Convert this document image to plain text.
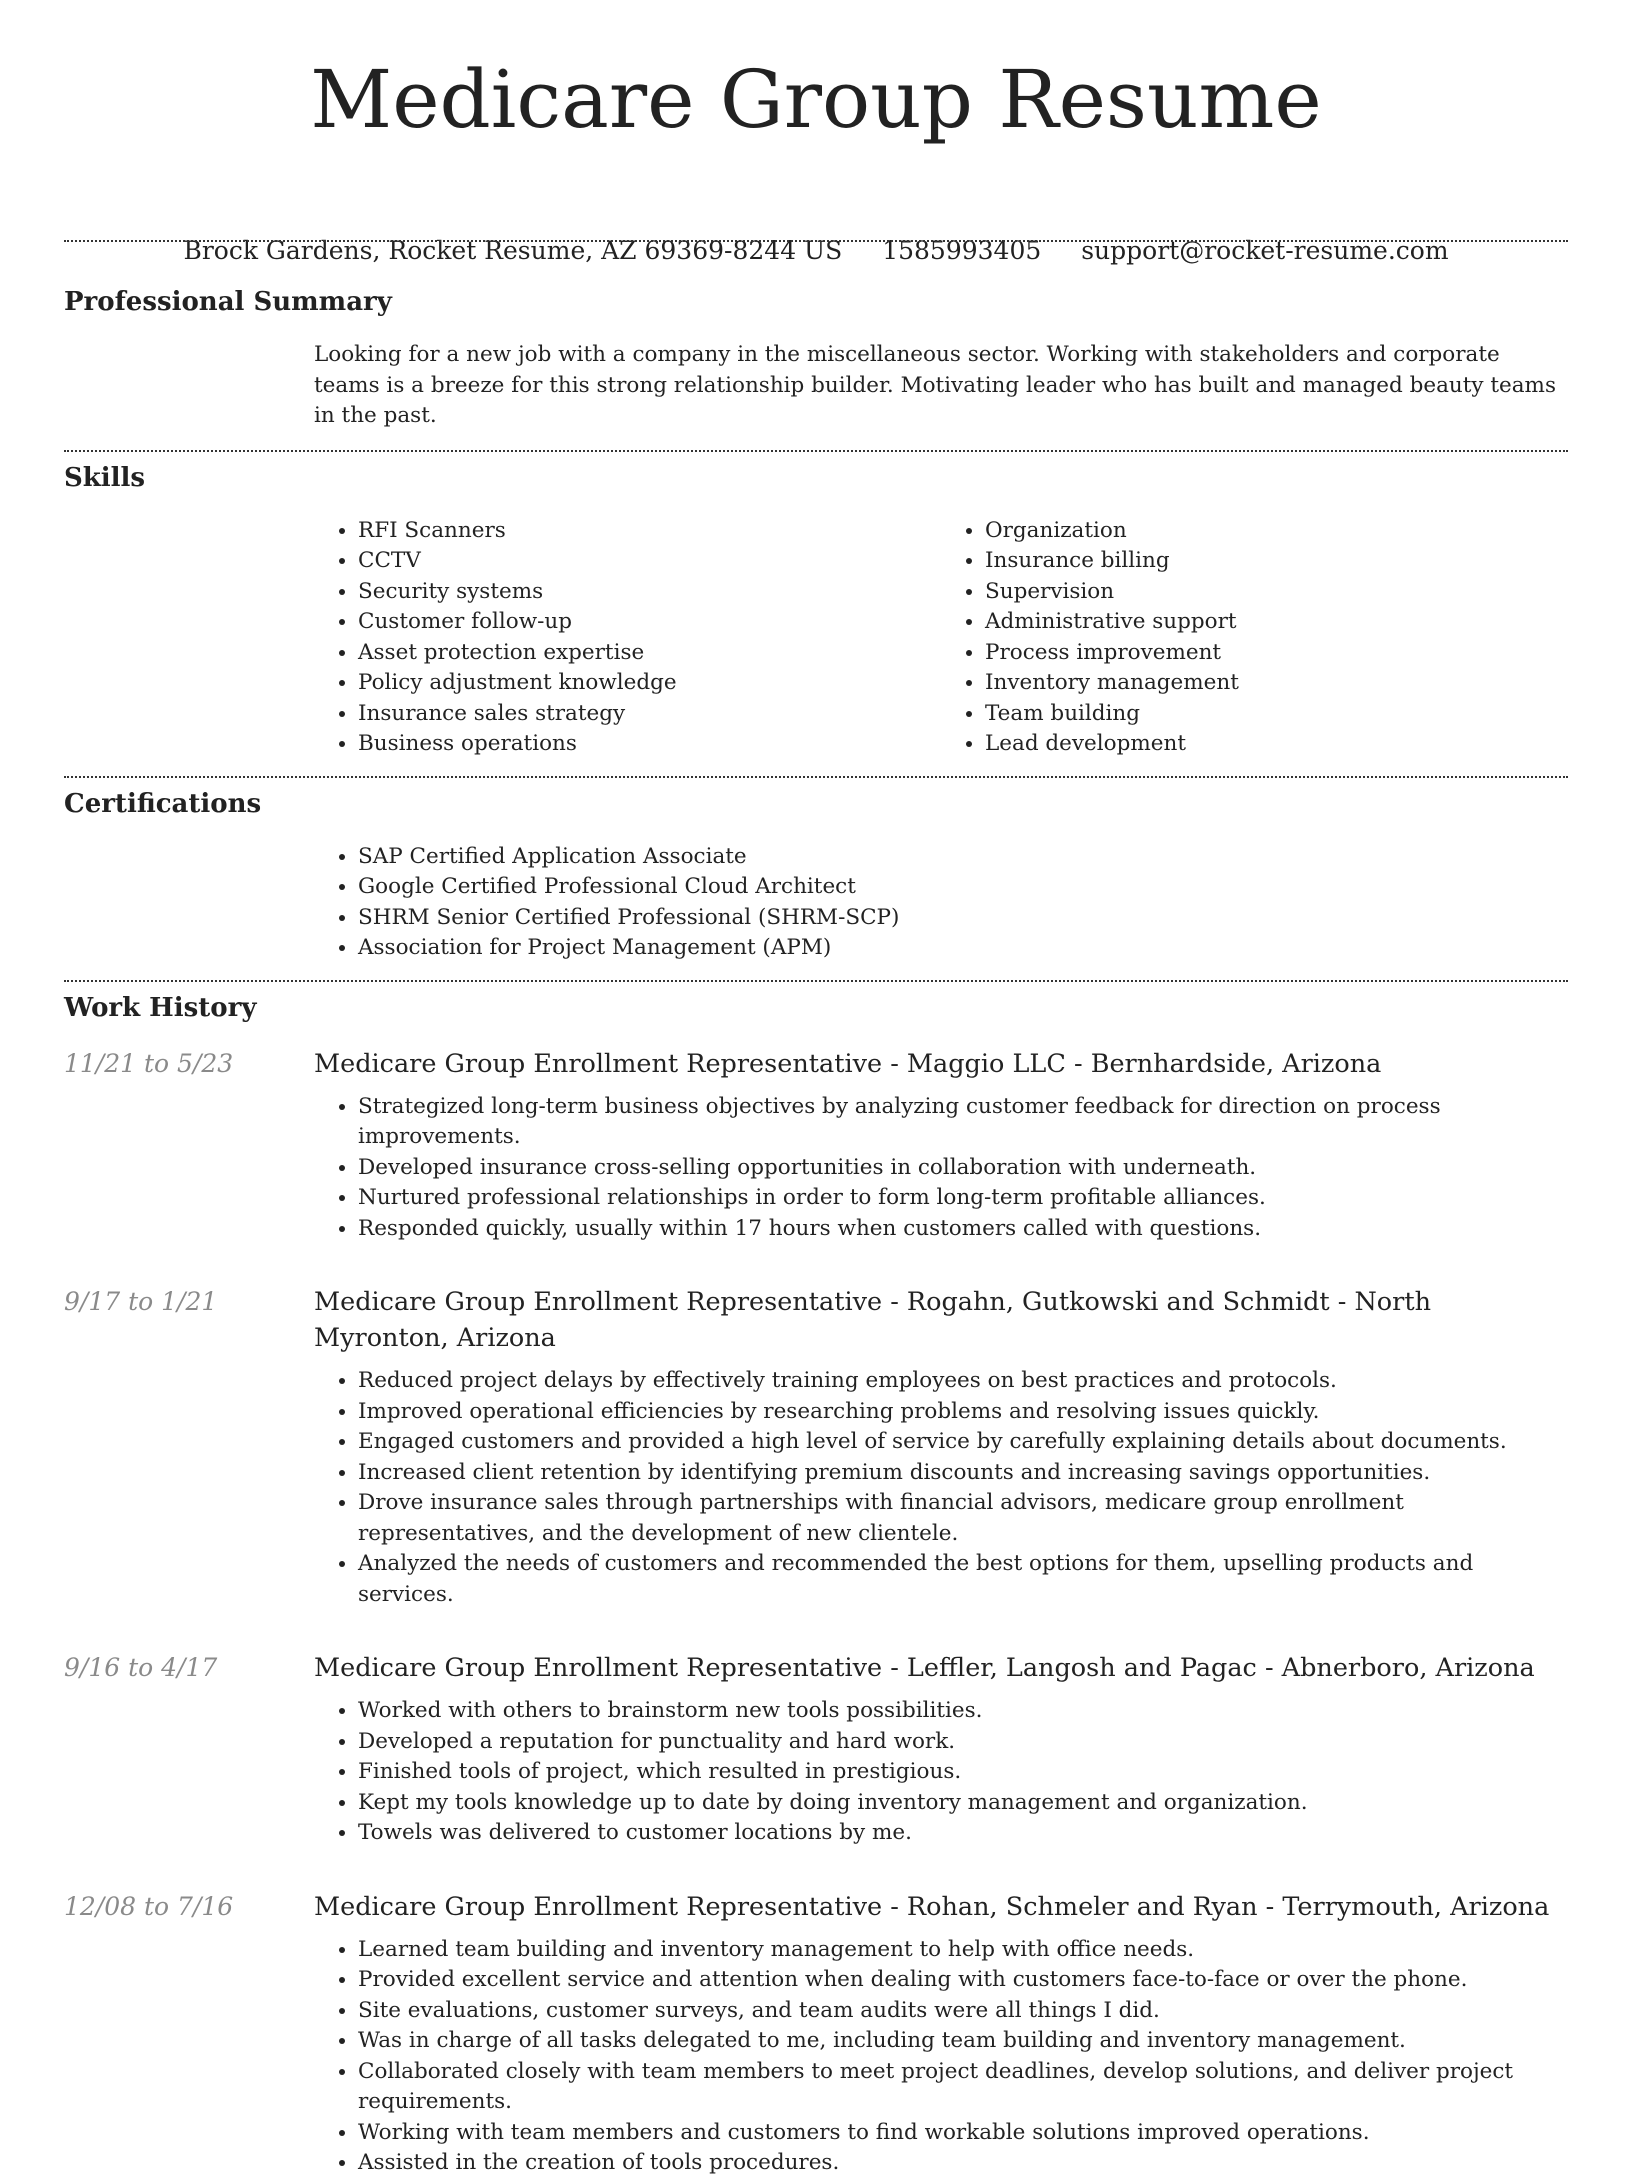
Medicare Group Resume
Brock Gardens, Rocket Resume, AZ 69369-8244 US 1585993405 support@rocket-resume.com
Professional Summary
Looking for a new job with a company in the miscellaneous sector. Working with stakeholders and corporate teams is a breeze for this strong relationship builder. Motivating leader who has built and managed beauty teams in the past.
Skills
• RFI Scanners
• CCTV
• Security systems
• Customer follow-up
• Asset protection expertise
• Policy adjustment knowledge
• Insurance sales strategy
• Business operations
• Organization
• Insurance billing
• Supervision
• Administrative support
• Process improvement
• Inventory management
• Team building
• Lead development
Certifications
• SAP Certified Application Associate
• Google Certified Professional Cloud Architect
• SHRM Senior Certified Professional (SHRM-SCP)
• Association for Project Management (APM)
Work History
11/21 to 5/23	Medicare Group Enrollment Representative - Maggio LLC - Bernhardside, Arizona
• Strategized long-term business objectives by analyzing customer feedback for direction on process improvements.
• Developed insurance cross-selling opportunities in collaboration with underneath.
• Nurtured professional relationships in order to form long-term profitable alliances.
• Responded quickly, usually within 17 hours when customers called with questions.
9/17 to 1/21	Medicare Group Enrollment Representative - Rogahn, Gutkowski and Schmidt - North Myronton, Arizona
• Reduced project delays by effectively training employees on best practices and protocols.
• Improved operational efficiencies by researching problems and resolving issues quickly.
• Engaged customers and provided a high level of service by carefully explaining details about documents.
• Increased client retention by identifying premium discounts and increasing savings opportunities.
• Drove insurance sales through partnerships with financial advisors, medicare group enrollment representatives, and the development of new clientele.
• Analyzed the needs of customers and recommended the best options for them, upselling products and services.
9/16 to 4/17	Medicare Group Enrollment Representative - Leffler, Langosh and Pagac - Abnerboro, Arizona
• Worked with others to brainstorm new tools possibilities.
• Developed a reputation for punctuality and hard work.
• Finished tools of project, which resulted in prestigious.
• Kept my tools knowledge up to date by doing inventory management and organization.
• Towels was delivered to customer locations by me.
12/08 to 7/16	Medicare Group Enrollment Representative - Rohan, Schmeler and Ryan - Terrymouth, Arizona
• Learned team building and inventory management to help with office needs.
• Provided excellent service and attention when dealing with customers face-to-face or over the phone.
• Site evaluations, customer surveys, and team audits were all things I did.
• Was in charge of all tasks delegated to me, including team building and inventory management.
• Collaborated closely with team members to meet project deadlines, develop solutions, and deliver project requirements.
• Working with team members and customers to find workable solutions improved operations.
• Assisted in the creation of tools procedures.
